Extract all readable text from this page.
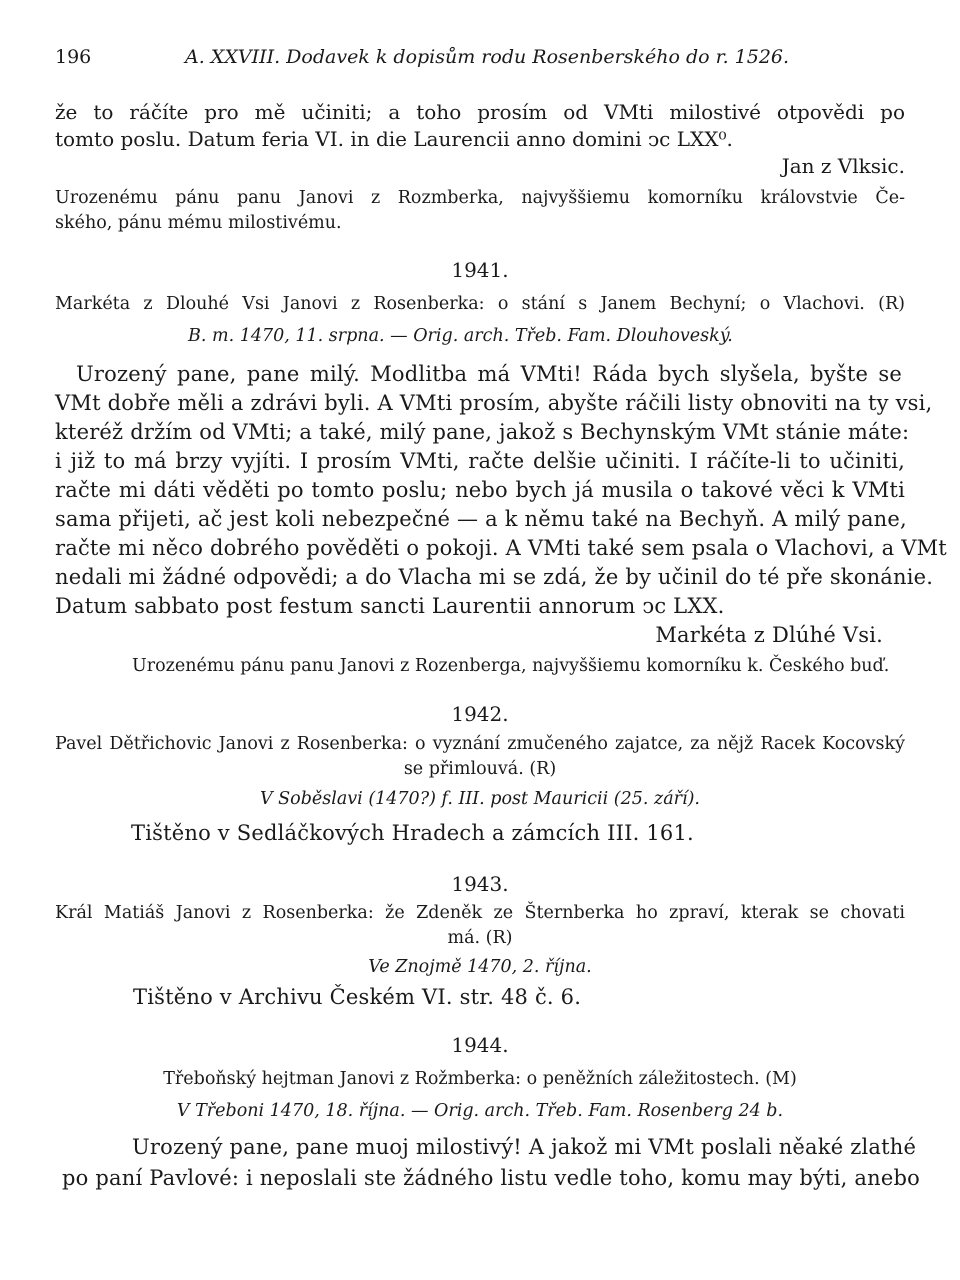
196	A. XXVIII. Dodavek k dopisům rodu Rosenberského do r. 1526.

že to ráčíte pro mě učiniti; a toho prosím od VMti milostivé otpovědi po

tomto poslu. Datum feria VI. in die Laurencii anno domini ↄc LXX⁰.

Jan z Vlksic.

Urozenému pánu panu Janovi z Rozmberka, najvyššiemu komorníku královstvie Če-

ského, pánu mému milostivému.

1941.

Markéta z Dlouhé Vsi Janovi z Rosenberka: o stání s Janem Bechyní; o Vlachovi. (R)

B. m. 1470, 11. srpna. — Orig. arch. Třeb. Fam. Dlouhoveský.

Urozený pane, pane milý. Modlitba má VMti! Ráda bych slyšela, byšte se

VMt dobře měli a zdrávi byli. A VMti prosím, abyšte ráčili listy obnoviti na ty vsi,

kteréž držím od VMti; a také, milý pane, jakož s Bechynským VMt stánie máte:

i již to má brzy vyjíti. I prosím VMti, račte delšie učiniti. I ráčíte-li to učiniti,

račte mi dáti věděti po tomto poslu; nebo bych já musila o takové věci k VMti

sama přijeti, ač jest koli nebezpečné — a k němu také na Bechyň. A milý pane,

račte mi něco dobrého pověděti o pokoji. A VMti také sem psala o Vlachovi, a VMt

nedali mi žádné odpovědi; a do Vlacha mi se zdá, že by učinil do té pře skonánie.

Datum sabbato post festum sancti Laurentii annorum ↄc LXX.

Markéta z Dlúhé Vsi.

Urozenému pánu panu Janovi z Rozenberga, najvyššiemu komorníku k. Českého buď.

1942.

Pavel Dětřichovic Janovi z Rosenberka: o vyznání zmučeného zajatce, za nějž Racek Kocovský

se přimlouvá. (R)

V Soběslavi (1470?) f. III. post Mauricii (25. září).

Tištěno v Sedláčkových Hradech a zámcích III. 161.

1943.

Král Matiáš Janovi z Rosenberka: že Zdeněk ze Šternberka ho zpraví, kterak se chovati

má. (R)

Ve Znojmě 1470, 2. října.

Tištěno v Archivu Českém VI. str. 48 č. 6.

1944.

Třeboňský hejtman Janovi z Rožmberka: o peněžních záležitostech. (M)

V Třeboni 1470, 18. října. — Orig. arch. Třeb. Fam. Rosenberg 24 b.

Urozený pane, pane muoj milostivý! A jakož mi VMt poslali něaké zlathé

po paní Pavlové: i neposlali ste žádného listu vedle toho, komu may býti, anebo
